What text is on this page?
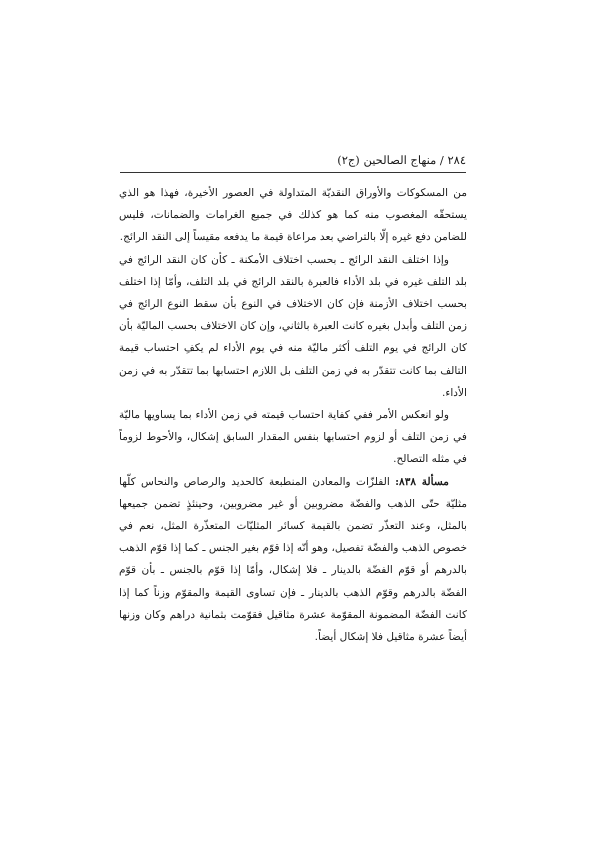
٢٨٤ / منهاج الصالحين (ج٢)

من المسكوكات والأوراق النقديّة المتداولة في العصور الأخيرة، فهذا هو الذي يستحقّه المغصوب منه كما هو كذلك في جميع الغرامات والضمانات، فليس للضامن دفع غيره إلّا بالتراضي بعد مراعاة قيمة ما يدفعه مقيساً إلى النقد الرائج.

وإذا اختلف النقد الرائج ـ بحسب اختلاف الأمكنة ـ كأن كان النقد الرائج في بلد التلف غيره في بلد الأداء فالعبرة بالنقد الرائج في بلد التلف، وأمّا إذا اختلف بحسب اختلاف الأزمنة فإن كان الاختلاف في النوع بأن سقط النوع الرائج في زمن التلف وأبدل بغيره كانت العبرة بالثاني، وإن كان الاختلاف بحسب الماليّة بأن كان الرائج في يوم التلف أكثر ماليّة منه في يوم الأداء لم يكفِ احتساب قيمة التالف بما كانت تتقدّر به في زمن التلف بل اللازم احتسابها بما تتقدّر به في زمن الأداء.

ولو انعكس الأمر ففي كفاية احتساب قيمته في زمن الأداء بما يساويها ماليّة في زمن التلف أو لزوم احتسابها بنفس المقدار السابق إشكال، والأحوط لزوماً في مثله التصالح.

مسألة ٨٣٨: الفلزّات والمعادن المنطبعة كالحديد والرصاص والنحاس كلّها مثليّة حتّى الذهب والفضّة مضروبين أو غير مضروبين، وحينئذٍ تضمن جميعها بالمثل، وعند التعذّر تضمن بالقيمة كسائر المثليّات المتعذّرة المثل، نعم في خصوص الذهب والفضّة تفصيل، وهو أنّه إذا قوّم بغير الجنس ـ كما إذا قوّم الذهب بالدرهم أو قوّم الفضّة بالدينار ـ فلا إشكال، وأمّا إذا قوّم بالجنس ـ بأن قوّم الفضّة بالدرهم وقوّم الذهب بالدينار ـ فإن تساوى القيمة والمقوّم وزناً كما إذا كانت الفضّة المضمونة المقوّمة عشرة مثاقيل فقوّمت بثمانية دراهم وكان وزنها أيضاً عشرة مثاقيل فلا إشكال أيضاً.
